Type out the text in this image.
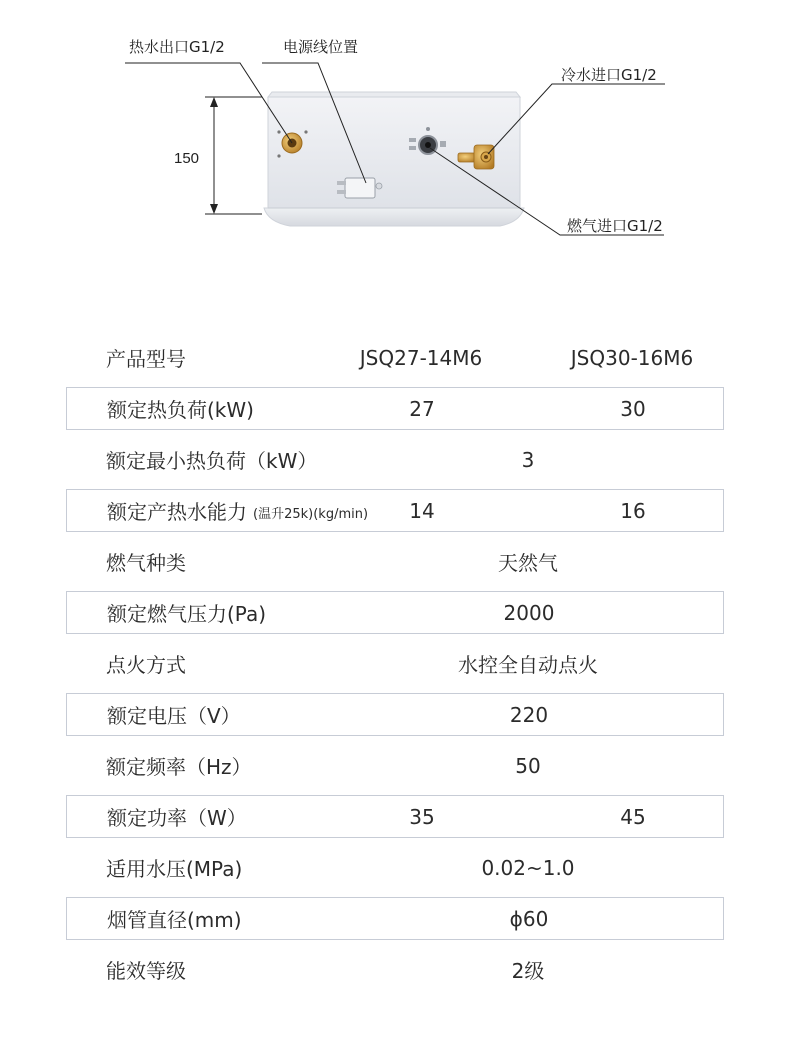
热水出口G1/2	电源线位置
冷水进口G1/2
燃气进口G1/2
150
产品型号	JSQ27-14M6	JSQ30-16M6
额定热负荷(kW)	27	30
额定最小热负荷（kW）	3
额定产热水能力 (温升25k)(kg/min)	14	16
燃气种类	天然气
额定燃气压力(Pa)	2000
点火方式	水控全自动点火
额定电压（V）	220
额定频率（Hz）	50
额定功率（W）	35	45
适用水压(MPa)	0.02~1.0
烟管直径(mm)	ϕ60
能效等级	2级
